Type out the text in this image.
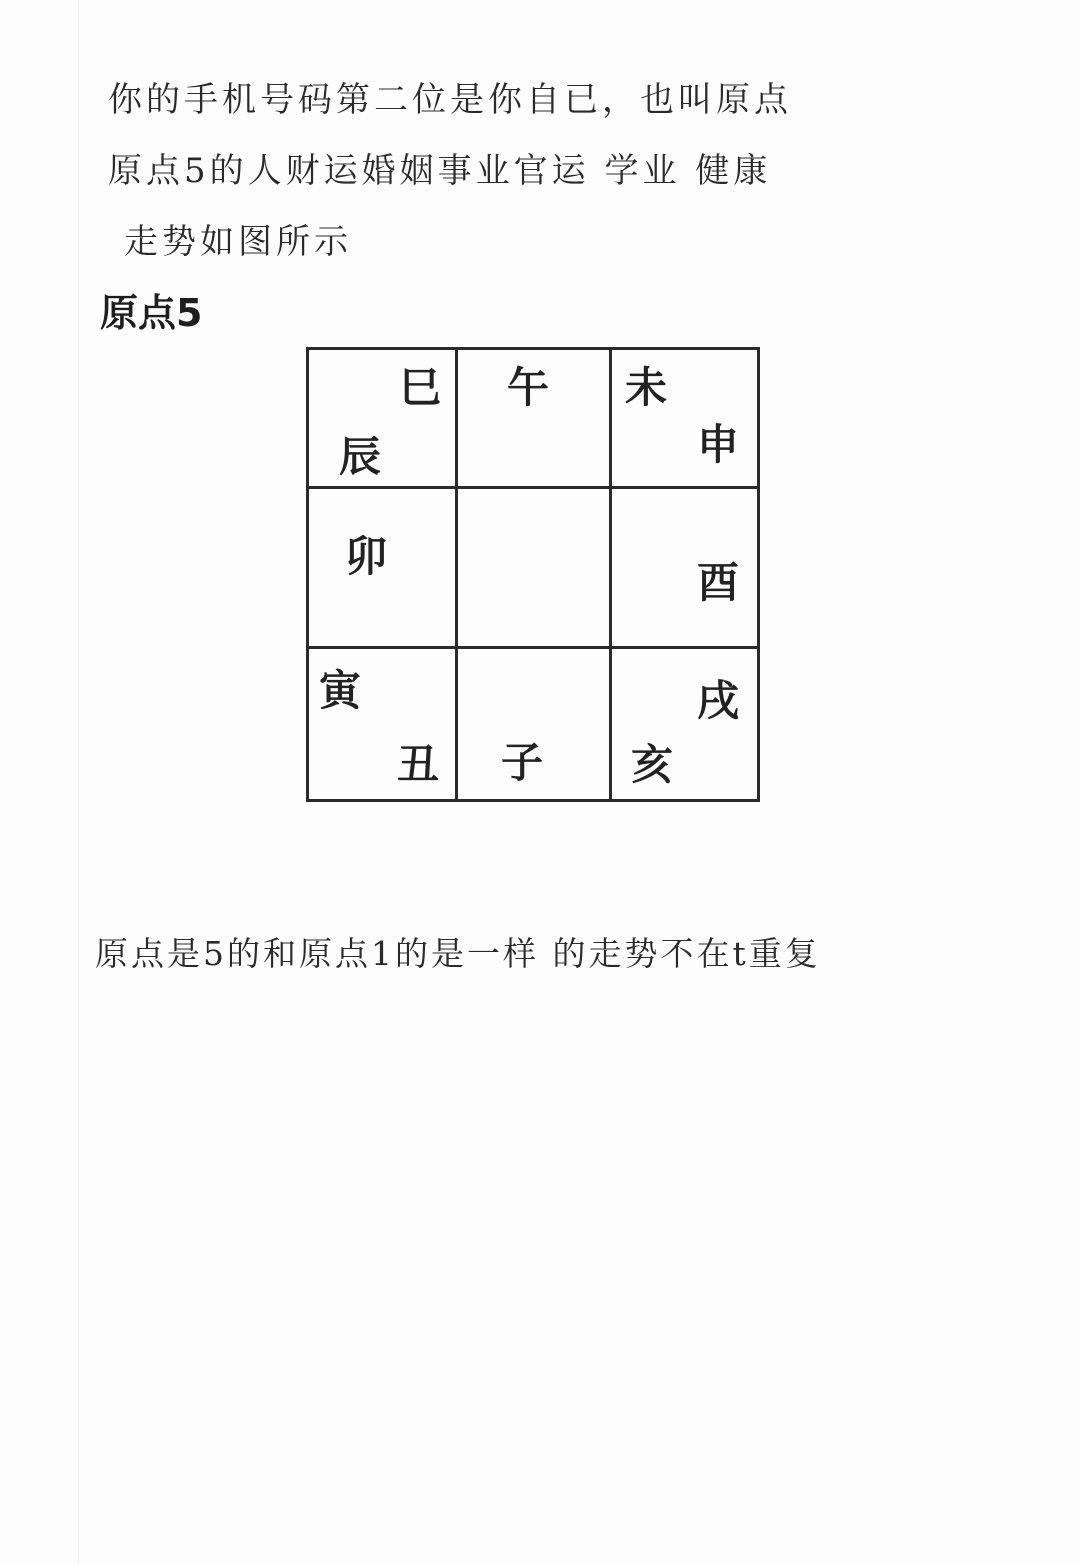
你的手机号码第二位是你自已，也叫原点
原点5的人财运婚姻事业官运 学业 健康
走势如图所示
原点5
巳 午 未
辰	申
卯
酉
寅	戌
丑 子 亥
原点是5的和原点1的是一样 的走势不在t重复
